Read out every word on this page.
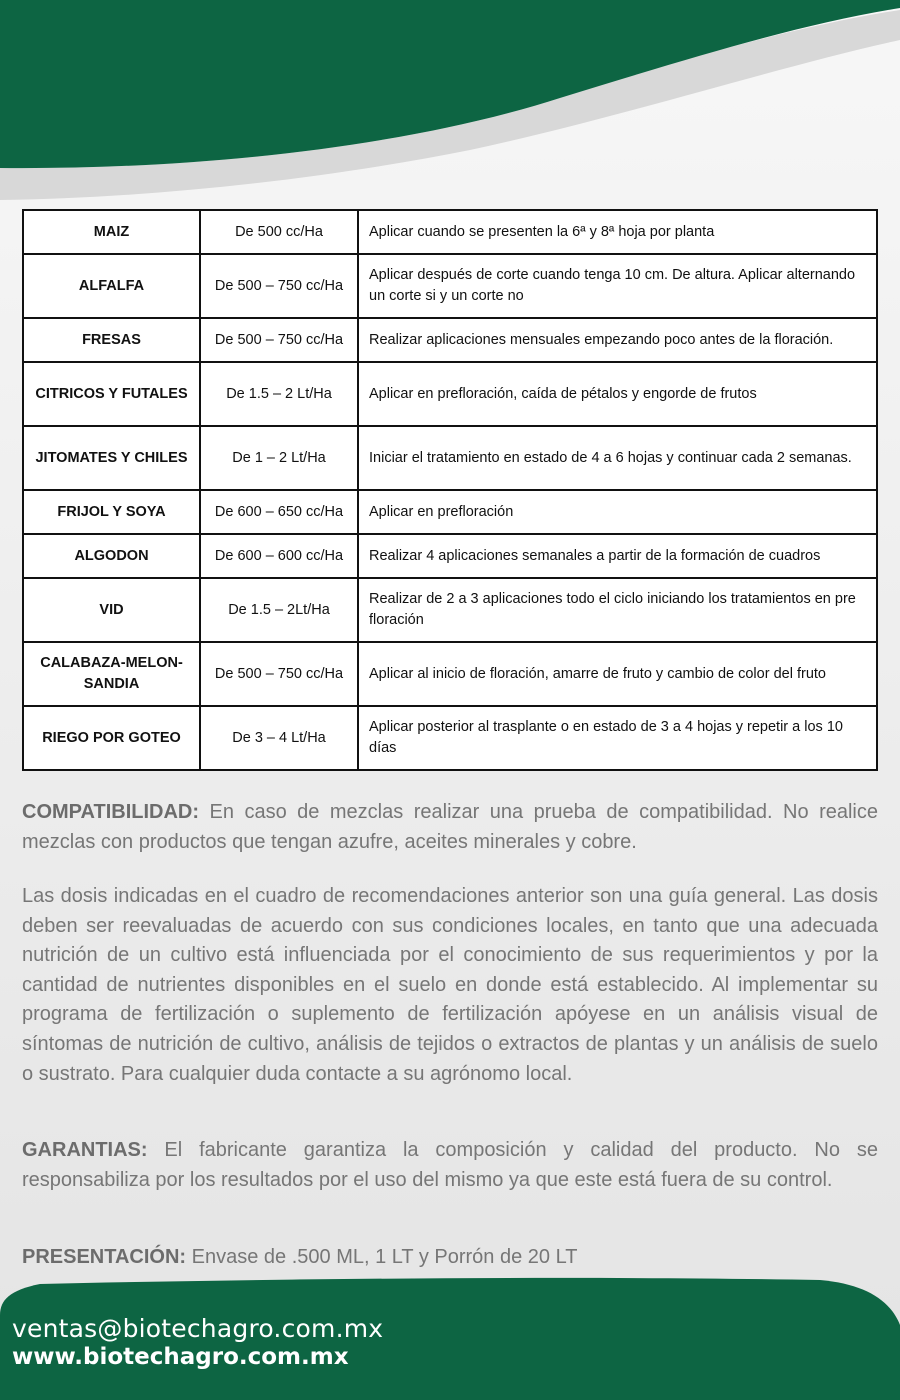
MAIZ	De 500 cc/Ha	Aplicar cuando se presenten la 6ª y 8ª hoja por planta
ALFALFA	De 500 – 750 cc/Ha	Aplicar después de corte cuando tenga 10 cm. De altura. Aplicar alternando un corte si y un corte no
FRESAS	De 500 – 750 cc/Ha	Realizar aplicaciones mensuales empezando poco antes de la floración.
CITRICOS Y FUTALES	De 1.5 – 2 Lt/Ha	Aplicar en prefloración, caída de pétalos y engorde de frutos
JITOMATES Y CHILES	De 1 – 2 Lt/Ha	Iniciar el tratamiento en estado de 4 a 6 hojas y continuar cada 2 semanas.
FRIJOL Y SOYA	De 600 – 650 cc/Ha	Aplicar en prefloración
ALGODON	De 600 – 600 cc/Ha	Realizar 4 aplicaciones semanales a partir de la formación de cuadros
VID	De 1.5 – 2Lt/Ha	Realizar de 2 a 3 aplicaciones todo el ciclo iniciando los tratamientos en pre floración
CALABAZA-MELON-SANDIA	De 500 – 750 cc/Ha	Aplicar al inicio de floración, amarre de fruto y cambio de color del fruto
RIEGO POR GOTEO	De 3 – 4 Lt/Ha	Aplicar posterior al trasplante o en estado de 3 a 4 hojas y repetir a los 10 días

COMPATIBILIDAD: En caso de mezclas realizar una prueba de compatibilidad. No realice mezclas con productos que tengan azufre, aceites minerales y cobre.

Las dosis indicadas en el cuadro de recomendaciones anterior son una guía general. Las dosis deben ser reevaluadas de acuerdo con sus condiciones locales, en tanto que una adecuada nutrición de un cultivo está influenciada por el conocimiento de sus requerimientos y por la cantidad de nutrientes disponibles en el suelo en donde está establecido. Al implementar su programa de fertilización o suplemento de fertilización apóyese en un análisis visual de síntomas de nutrición de cultivo, análisis de tejidos o extractos de plantas y un análisis de suelo o sustrato. Para cualquier duda contacte a su agrónomo local.

GARANTIAS: El fabricante garantiza la composición y calidad del producto. No se responsabiliza por los resultados por el uso del mismo ya que este está fuera de su control.

PRESENTACIÓN: Envase de .500 ML, 1 LT y Porrón de 20 LT

ventas@biotechagro.com.mx

www.biotechagro.com.mx
